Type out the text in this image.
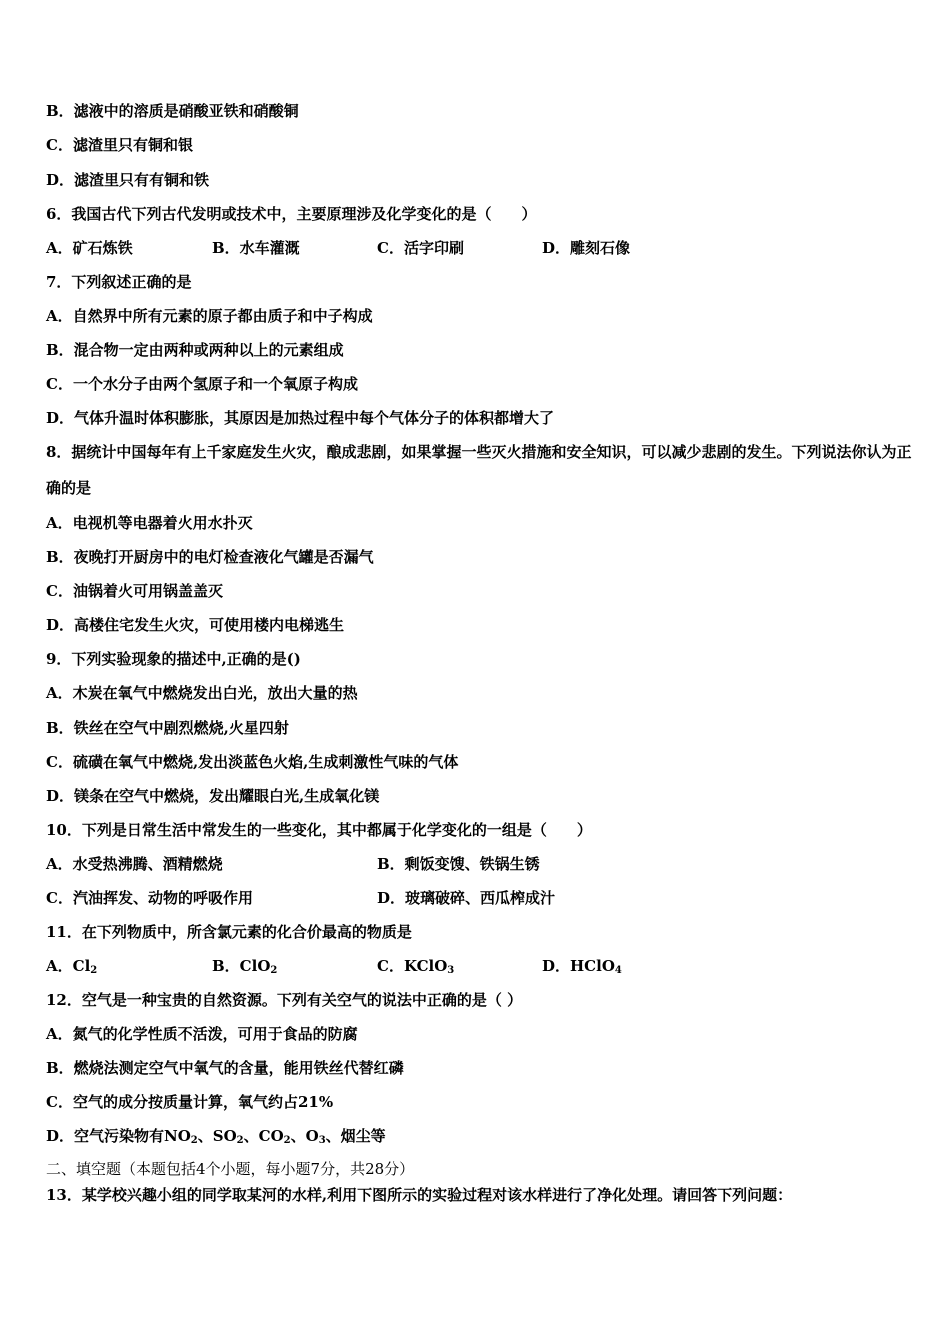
B．滤液中的溶质是硝酸亚铁和硝酸铜
C．滤渣里只有铜和银
D．滤渣里只有有铜和铁
6．我国古代下列古代发明或技术中，主要原理涉及化学变化的是（　　）
A．矿石炼铁	B．水车灌溉	C．活字印刷	D．雕刻石像
7．下列叙述正确的是
A．自然界中所有元素的原子都由质子和中子构成
B．混合物一定由两种或两种以上的元素组成
C．一个水分子由两个氢原子和一个氧原子构成
D．气体升温时体积膨胀，其原因是加热过程中每个气体分子的体积都增大了
8．据统计中国每年有上千家庭发生火灾，酿成悲剧，如果掌握一些灭火措施和安全知识，可以减少悲剧的发生。下列说法你认为正确的是
A．电视机等电器着火用水扑灭
B．夜晚打开厨房中的电灯检查液化气罐是否漏气
C．油锅着火可用锅盖盖灭
D．高楼住宅发生火灾，可使用楼内电梯逃生
9．下列实验现象的描述中,正确的是()
A．木炭在氧气中燃烧发出白光，放出大量的热
B．铁丝在空气中剧烈燃烧,火星四射
C．硫磺在氧气中燃烧,发出淡蓝色火焰,生成刺激性气味的气体
D．镁条在空气中燃烧，发出耀眼白光,生成氧化镁
10．下列是日常生活中常发生的一些变化，其中都属于化学变化的一组是（　　）
A．水受热沸腾、酒精燃烧	B．剩饭变馊、铁锅生锈
C．汽油挥发、动物的呼吸作用	D．玻璃破碎、西瓜榨成汁
11．在下列物质中，所含氯元素的化合价最高的物质是
A．$Cl_2$	B．ClO$_2$	C．KClO$_3$	D．HClO$_4$
12．空气是一种宝贵的自然资源。下列有关空气的说法中正确的是（ ）
A．氮气的化学性质不活泼，可用于食品的防腐
B．燃烧法测定空气中氧气的含量，能用铁丝代替红磷
C．空气的成分按质量计算，氧气约占21%
D．空气污染物有$NO_2$、$SO_2$、$CO_2$、$O_3$、烟尘等
二、填空题（本题包括4个小题，每小题7分，共28分）
13．某学校兴趣小组的同学取某河的水样,利用下图所示的实验过程对该水样进行了净化处理。请回答下列问题：
